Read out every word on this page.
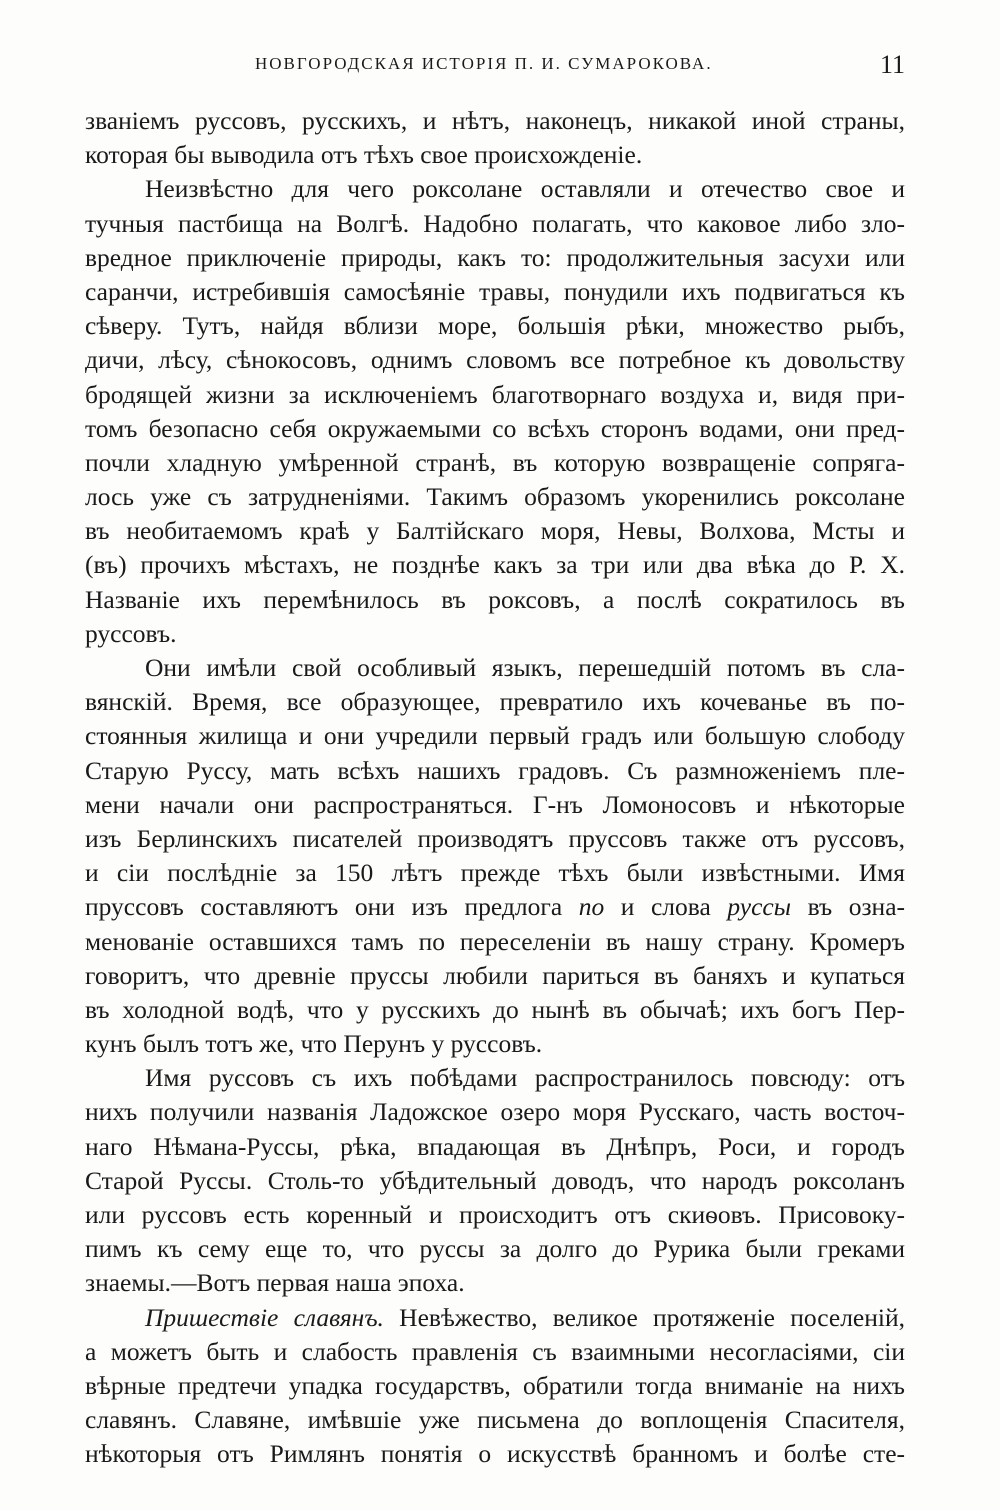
НОВГОРОДСКАЯ ИСТОРІЯ П. И. СУМАРОКОВА.	11
званіемъ руссовъ, русскихъ, и нѣтъ, наконецъ, никакой иной страны,
которая бы выводила отъ тѣхъ свое происхожденіе.
Неизвѣстно для чего роксолане оставляли и отечество свое и
тучныя пастбища на Волгѣ. Надобно полагать, что каковое либо зло-
вредное приключеніе природы, какъ то: продолжительныя засухи или
саранчи, истребившія самосѣяніе травы, понудили ихъ подвигаться къ
сѣверу. Тутъ, найдя вблизи море, большія рѣки, множество рыбъ,
дичи, лѣсу, сѣнокосовъ, однимъ словомъ все потребное къ довольству
бродящей жизни за исключеніемъ благотворнаго воздуха и, видя при-
томъ безопасно себя окружаемыми со всѣхъ сторонъ водами, они пред-
почли хладную умѣренной странѣ, въ которую возвращеніе сопряга-
лось уже съ затрудненіями. Такимъ образомъ укоренились роксолане
въ необитаемомъ краѣ у Балтійскаго моря, Невы, Волхова, Мсты и
(въ) прочихъ мѣстахъ, не позднѣе какъ за три или два вѣка до Р. Х.
Названіе ихъ перемѣнилось въ роксовъ, а послѣ сократилось въ
руссовъ.
Они имѣли свой особливый языкъ, перешедшій потомъ въ сла-
вянскій. Время, все образующее, превратило ихъ кочеванье въ по-
стоянныя жилища и они учредили первый градъ или большую слободу
Старую Руссу, мать всѣхъ нашихъ градовъ. Съ размноженіемъ пле-
мени начали они распространяться. Г-нъ Ломоносовъ и нѣкоторые
изъ Берлинскихъ писателей производятъ пруссовъ также отъ руссовъ,
и сіи послѣдніе за 150 лѣтъ прежде тѣхъ были извѣстными. Имя
пруссовъ составляютъ они изъ предлога по и слова руссы въ озна-
менованіе оставшихся тамъ по переселеніи въ нашу страну. Кромеръ
говоритъ, что древніе пруссы любили париться въ баняхъ и купаться
въ холодной водѣ, что у русскихъ до нынѣ въ обычаѣ; ихъ богъ Пер-
кунъ былъ тотъ же, что Перунъ у руссовъ.
Имя руссовъ съ ихъ побѣдами распространилось повсюду: отъ
нихъ получили названія Ладожское озеро моря Русскаго, часть восточ-
наго Нѣмана-Руссы, рѣка, впадающая въ Днѣпръ, Роси, и городъ
Старой Руссы. Столь-то убѣдительный доводъ, что народъ роксоланъ
или руссовъ есть коренный и происходитъ отъ скиѳовъ. Присовоку-
пимъ къ сему еще то, что руссы за долго до Рурика были греками
знаемы.—Вотъ первая наша эпоха.
Пришествіе славянъ. Невѣжество, великое протяженіе поселеній,
а можетъ быть и слабость правленія съ взаимными несогласіями, сіи
вѣрные предтечи упадка государствъ, обратили тогда вниманіе на нихъ
славянъ. Славяне, имѣвшіе уже письмена до воплощенія Спасителя,
нѣкоторыя отъ Римлянъ понятія о искусствѣ бранномъ и болѣе сте-
